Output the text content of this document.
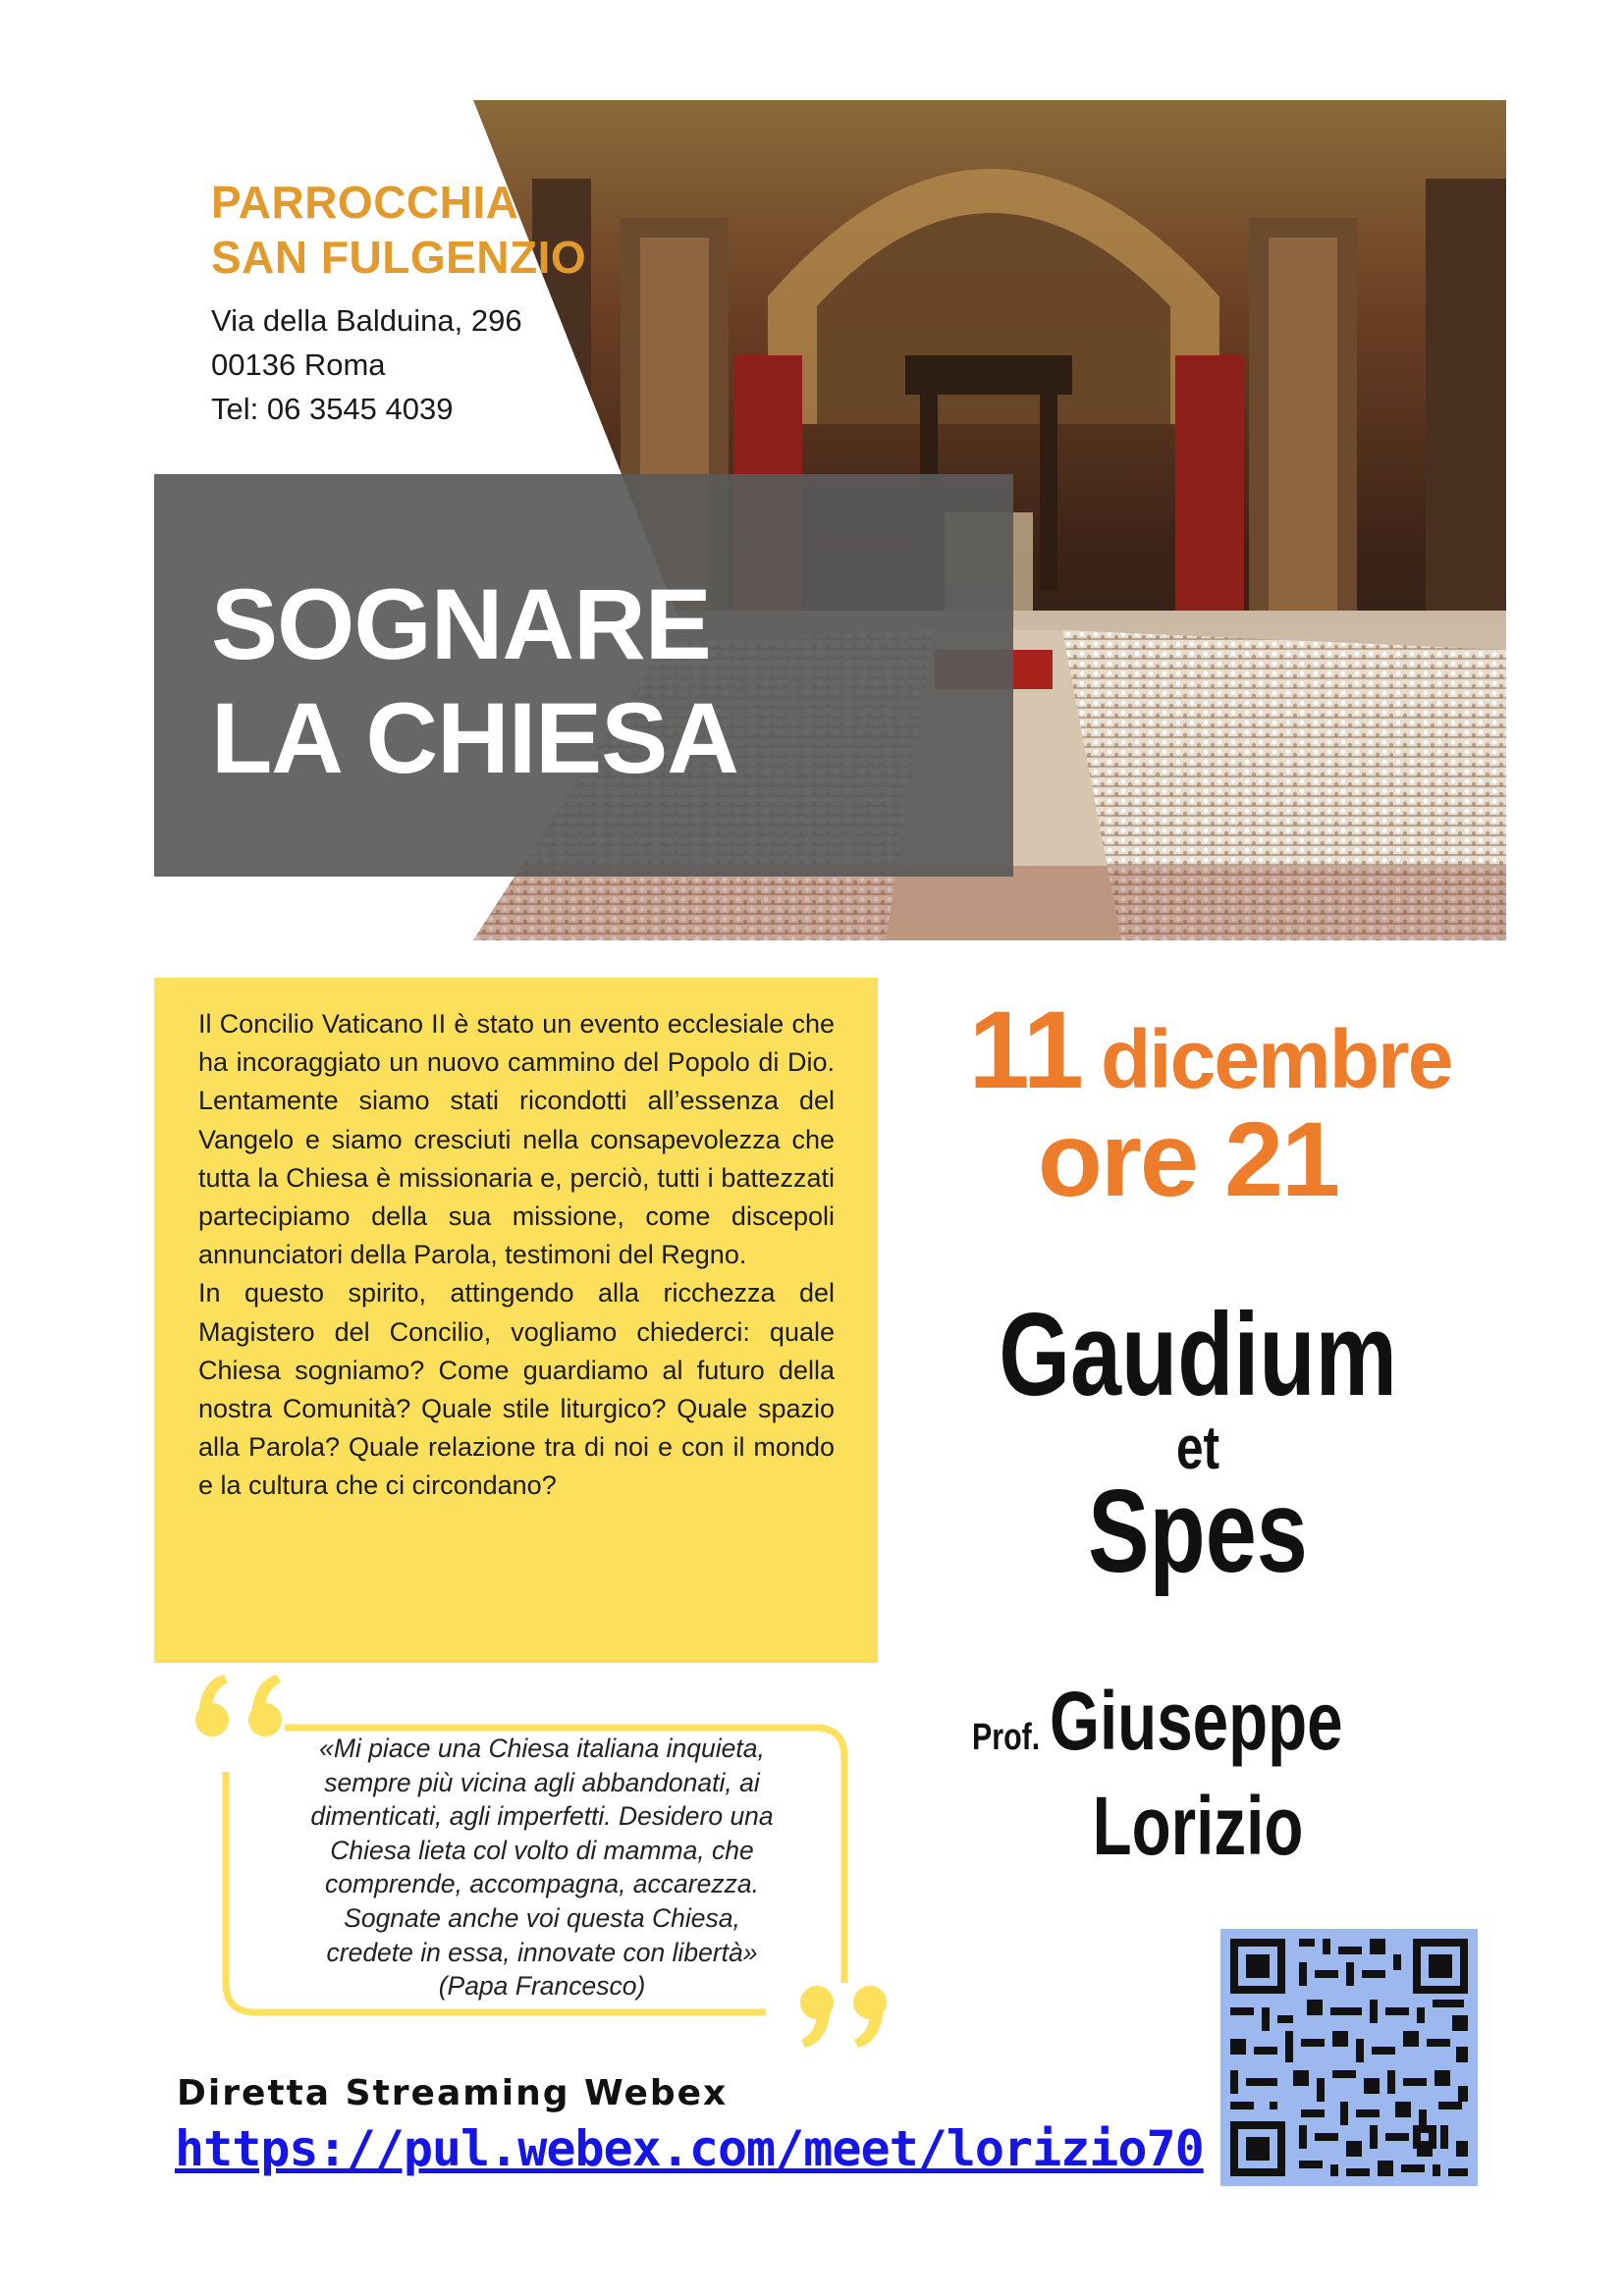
PARROCCHIA
SAN FULGENZIO
Via della Balduina, 296
00136 Roma
Tel: 06 3545 4039
SOGNARE
LA CHIESA

Il Concilio Vaticano II è stato un evento ecclesiale che ha incoraggiato un nuovo cammino del Popolo di Dio. Lentamente siamo stati ricondotti all’essenza del Vangelo e siamo cresciuti nella consapevolezza che tutta la Chiesa è missionaria e, perciò, tutti i battezzati partecipiamo della sua missione, come discepoli annunciatori della Parola, testimoni del Regno.

In questo spirito, attingendo alla ricchezza del Magistero del Concilio, vogliamo chiederci: quale Chiesa sogniamo? Come guardiamo al futuro della nostra Comunità? Quale stile liturgico? Quale spazio alla Parola? Quale relazione tra di noi e con il mondo e la cultura che ci circondano?

«Mi piace una Chiesa italiana inquieta,
sempre più vicina agli abbandonati, ai
dimenticati, agli imperfetti. Desidero una
Chiesa lieta col volto di mamma, che
comprende, accompagna, accarezza.
Sognate anche voi questa Chiesa,
credete in essa, innovate con libertà»
(Papa Francesco)
11 dicembre
ore 21
Gaudium
et
Spes
Prof. Giuseppe
Lorizio
Diretta Streaming Webex
https://pul.webex.com/meet/lorizio70
